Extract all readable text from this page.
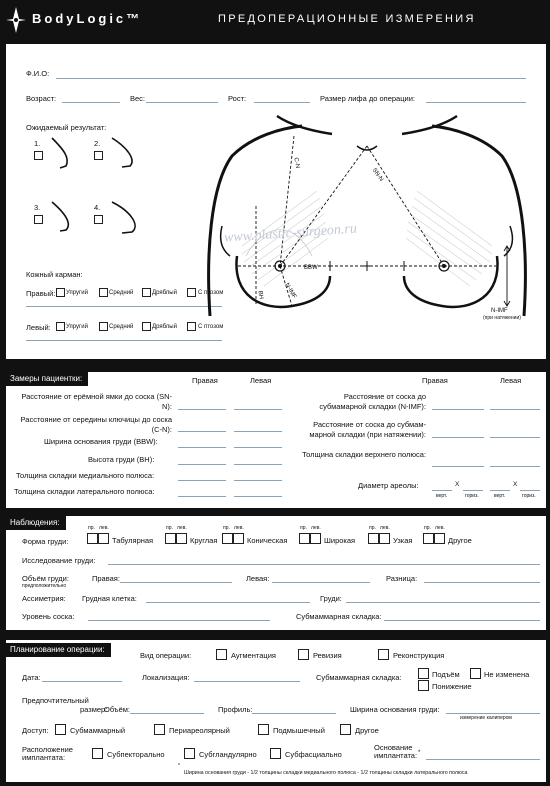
BodyLogic™	ПРЕДОПЕРАЦИОННЫЕ ИЗМЕРЕНИЯ
Ф.И.О:
Возраст:	Вес:	Рост:	Размер лифа до операции:
Ожидаемый результат:
1.	2.
3.	4.
Кожный карман:
Правый: Упругий	Средний	Дряблый	С птозом
Левый:	Упругий	Средний	Дряблый	С птозом
C-N
SN-N
BBW
BH	N-IMF
N-IMF
(при натяжении)
www.plastic-surgeon.ru
Замеры пациентки:	Правая	Левая	Правая	Левая
Расстояние от ерёмной ямки до соска (SN-N):
Расстояние от середины ключицы до соска (C-N):
Ширина основания груди (BBW):
Высота груди (BH):
Толщина складки медиального полюса:
Толщина складки латерального полюса:
Расстояние от соска до субмамарной складки (N-IMF):
Расстояние от соска до субмам- марной складки (при натяжении):
Толщина складки верхнего полюса:
Диаметр ареолы:	X	X
верт.	гориз.	верт.	гориз.
Наблюдения:
Форма груди:
пр. лев.
Табулярная
пр. лев.
Круглая
пр. лев.
Коническая
пр. лев.
Широкая
пр. лев.
Узкая
пр. лев.
Другое
Исследование груди:
Объём груди:
предположительно
Правая:	Левая:	Разница:
Ассиметрия: Грудная клетка:	Груди:
Уровень соска:	Субмаммарная складка:
Планирование операции:
Вид операции:	Аугментация	Ревизия	Реконструкция
Дата:	Локализация:	Субмаммарная складка:	Подъём	Не изменена
Понижение
Предпочтительный
размер:
Объём:	Профиль:	Ширина основания груди:
измерение калипером
Доступ:	Субмаммарный	Периареолярный	Подмышечный	Другое
Расположение
имплантата:	Субпекторально	Субгландулярно	Субфасциально
Основание
имплантата: *
*
Ширина основания груди - 1/2 толщины складки медиального полюса - 1/2 толщины складки латерального полюса
